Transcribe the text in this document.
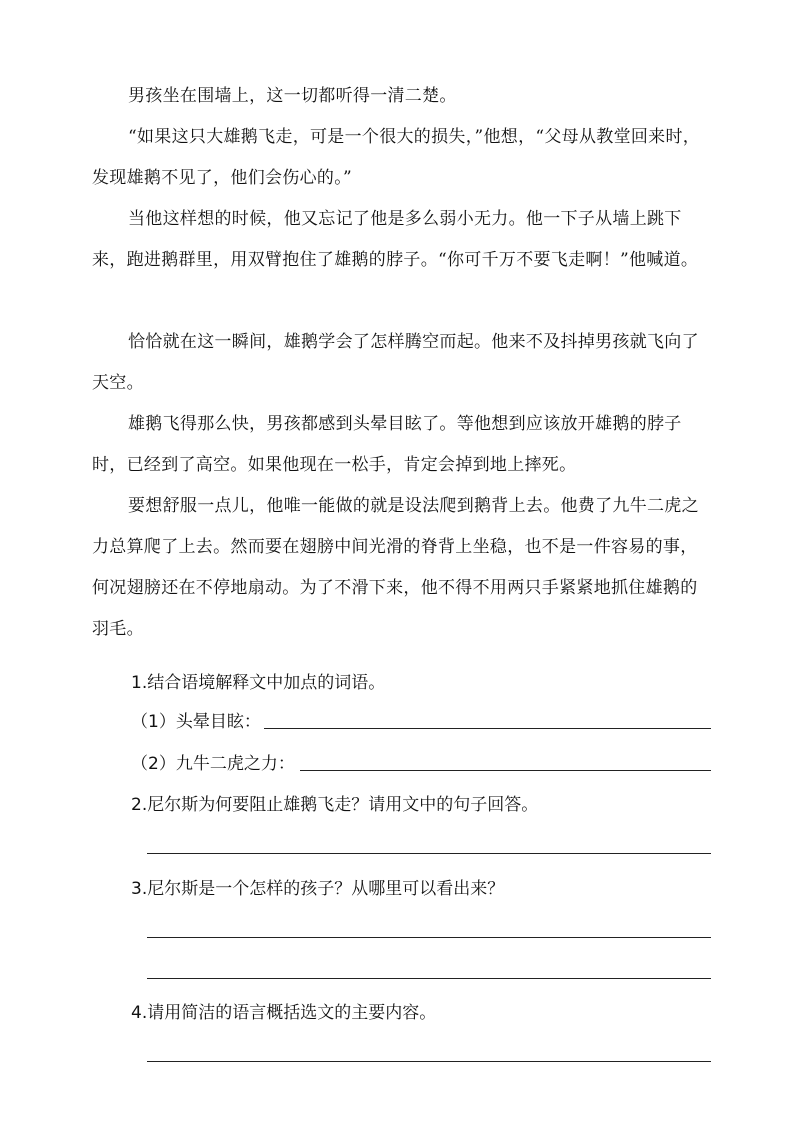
男孩坐在围墙上，这一切都听得一清二楚。

“如果这只大雄鹅飞走，可是一个很大的损失，”他想，“父母从教堂回来时，发现雄鹅不见了，他们会伤心的。”

当他这样想的时候，他又忘记了他是多么弱小无力。他一下子从墙上跳下来，跑进鹅群里，用双臂抱住了雄鹅的脖子。“你可千万不要飞走啊！”他喊道。

恰恰就在这一瞬间，雄鹅学会了怎样腾空而起。他来不及抖掉男孩就飞向了天空。

雄鹅飞得那么快，男孩都感到头晕目眩了。等他想到应该放开雄鹅的脖子时，已经到了高空。如果他现在一松手，肯定会掉到地上摔死。

要想舒服一点儿，他唯一能做的就是设法爬到鹅背上去。他费了九牛二虎之力总算爬了上去。然而要在翅膀中间光滑的脊背上坐稳，也不是一件容易的事，何况翅膀还在不停地扇动。为了不滑下来，他不得不用两只手紧紧地抓住雄鹅的羽毛。

1.结合语境解释文中加点的词语。

（1）头晕目眩：
（2）九牛二虎之力：

2.尼尔斯为何要阻止雄鹅飞走？请用文中的句子回答。

3.尼尔斯是一个怎样的孩子？从哪里可以看出来？

4.请用简洁的语言概括选文的主要内容。
